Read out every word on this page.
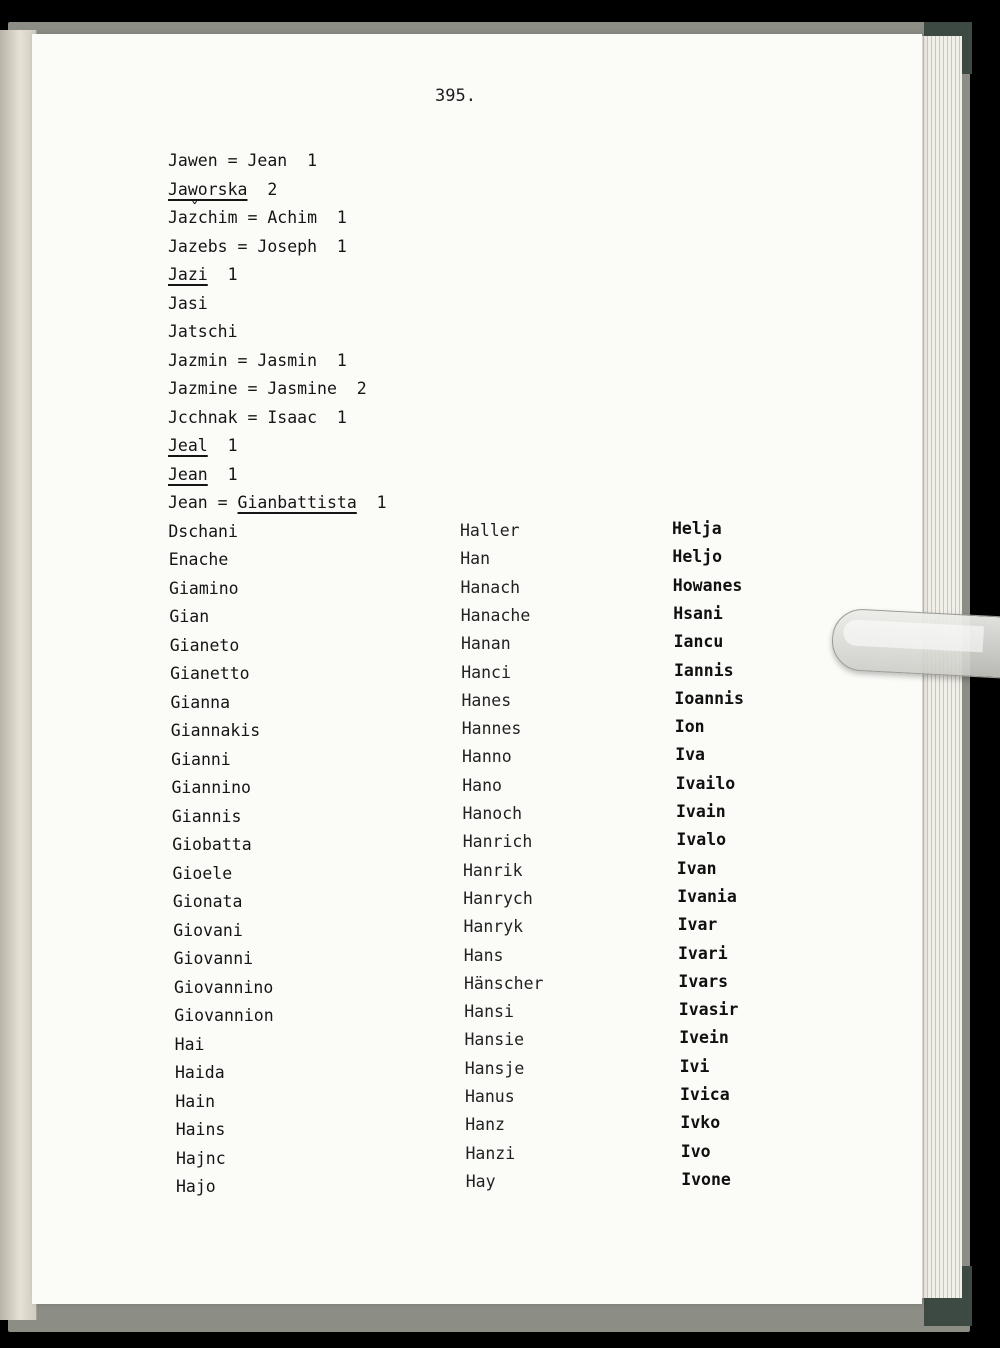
395.
Jawen = Jean  1
Jaworska  2
Jaˇ zchim = Achim  1
Jazebs = Joseph  1
Jazi  1
Jasi
Jatschi
Jazmin = Jasmin  1
Jazmine = Jasmine  2
Jcchnak = Isaac  1
Jeal  1
Jean  1
Jean = Gianbattista  1
Dschani
Enache
Giamino
Gian
Gianeto
Gianetto
Gianna
Giannakis
Gianni
Giannino
Giannis
Giobatta
Gioele
Gionata
Giovani
Giovanni
Giovannino
Giovannion
Hai
Haida
Hain
Hains
Hajnc
Hajo
Haller
Han
Hanach
Hanache
Hanan
Hanci
Hanes
Hannes
Hanno
Hano
Hanoch
Hanrich
Hanrik
Hanrych
Hanryk
Hans
Hänscher
Hansi
Hansie
Hansje
Hanus
Hanz
Hanzi
Hay
Helja
Heljo
Howanes
Hsani
Iancu
Iannis
Ioannis
Ion
Iva
Ivailo
Ivain
Ivalo
Ivan
Ivania
Ivar
Ivari
Ivars
Ivasir
Ivein
Ivi
Ivica
Ivko
Ivo
Ivone
